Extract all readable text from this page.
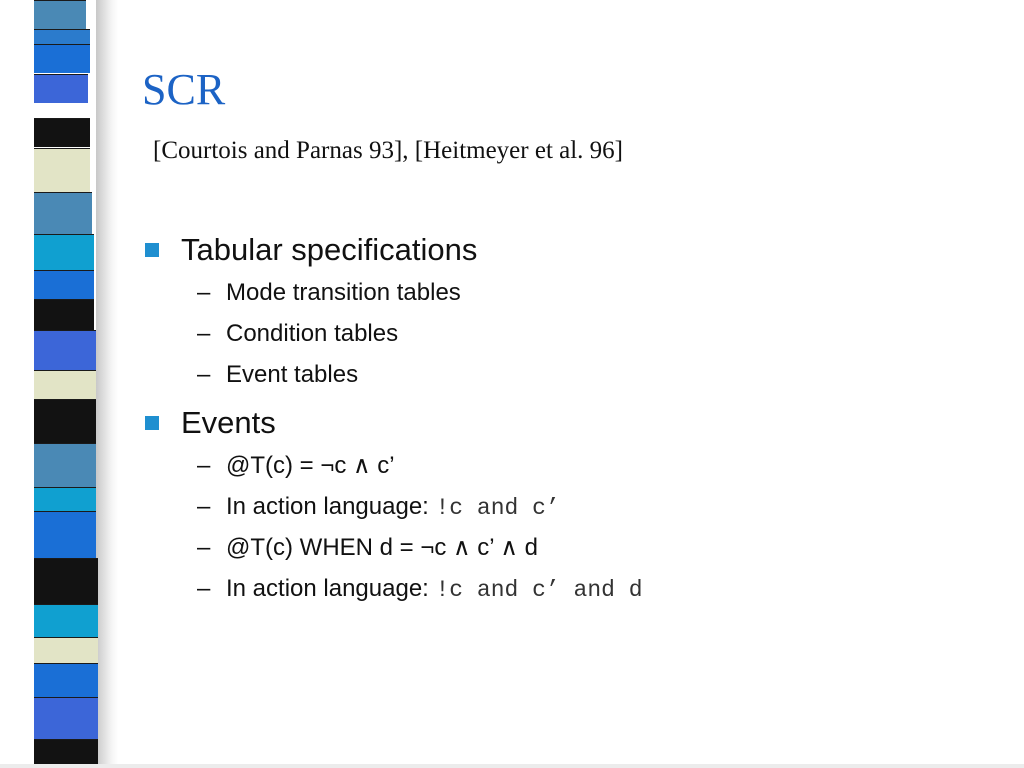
SCR
[Courtois and Parnas 93], [Heitmeyer et al. 96]
Tabular specifications
– Mode transition tables
– Condition tables
– Event tables
Events
– @T(c) = ¬c ∧ c’
– In action language: !c and c’
– @T(c) WHEN d = ¬c ∧ c’ ∧ d
– In action language: !c and c’ and d
